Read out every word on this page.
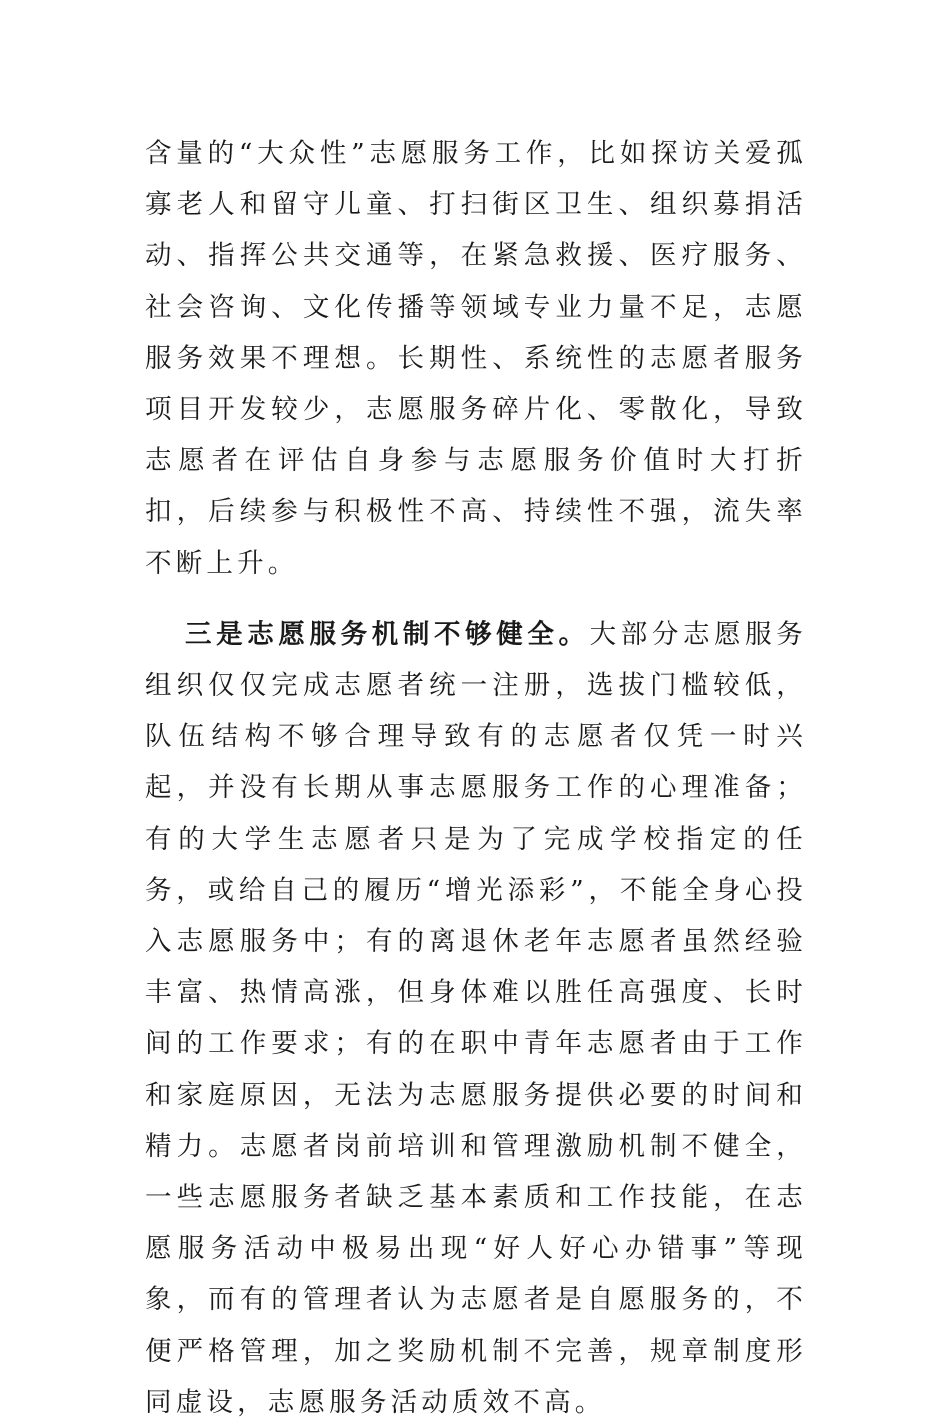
含量的“大众性”志愿服务工作，比如探访关爱孤寡老人和留守儿童、打扫街区卫生、组织募捐活动、指挥公共交通等，在紧急救援、医疗服务、社会咨询、文化传播等领域专业力量不足，志愿服务效果不理想。长期性、系统性的志愿者服务项目开发较少，志愿服务碎片化、零散化，导致志愿者在评估自身参与志愿服务价值时大打折扣，后续参与积极性不高、持续性不强，流失率不断上升。

三是志愿服务机制不够健全。大部分志愿服务组织仅仅完成志愿者统一注册，选拔门槛较低，队伍结构不够合理导致有的志愿者仅凭一时兴起，并没有长期从事志愿服务工作的心理准备；有的大学生志愿者只是为了完成学校指定的任务，或给自己的履历“增光添彩”，不能全身心投入志愿服务中；有的离退休老年志愿者虽然经验丰富、热情高涨，但身体难以胜任高强度、长时间的工作要求；有的在职中青年志愿者由于工作和家庭原因，无法为志愿服务提供必要的时间和精力。志愿者岗前培训和管理激励机制不健全，一些志愿服务者缺乏基本素质和工作技能，在志愿服务活动中极易出现“好人好心办错事”等现象，而有的管理者认为志愿者是自愿服务的，不便严格管理，加之奖励机制不完善，规章制度形同虚设，志愿服务活动质效不高。
